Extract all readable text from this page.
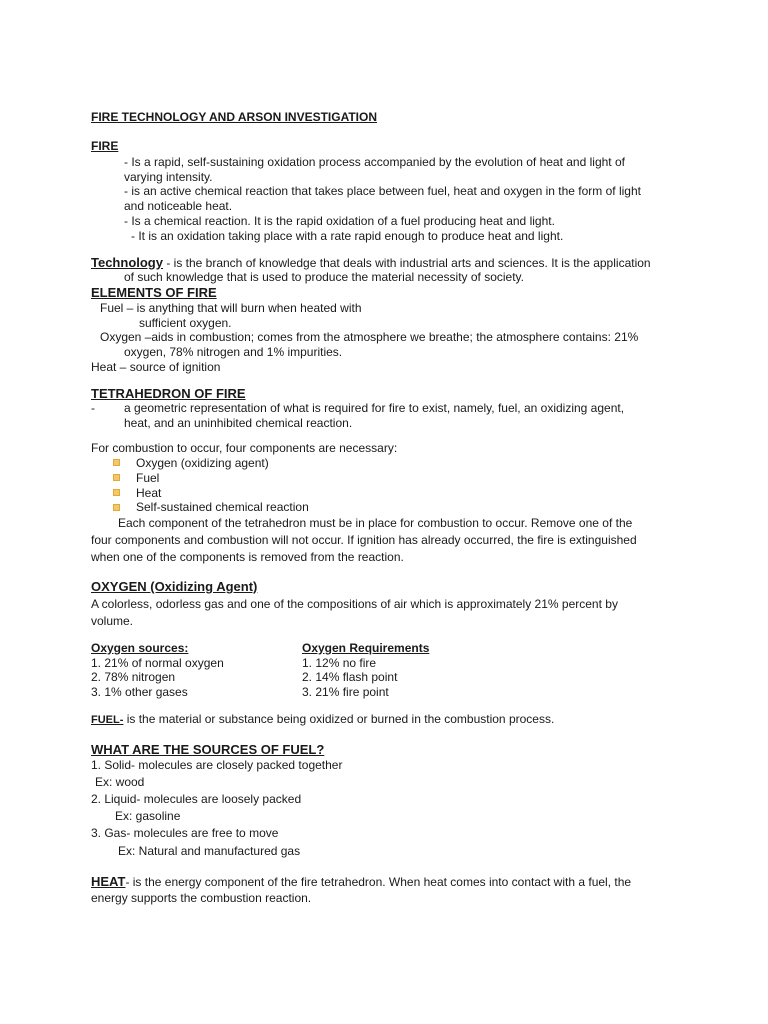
FIRE TECHNOLOGY AND ARSON INVESTIGATION
FIRE
- Is a rapid, self-sustaining oxidation process accompanied by the evolution of heat and light of
varying intensity.
- is an active chemical reaction that takes place between fuel, heat and oxygen in the form of light
and noticeable heat.
- Is a chemical reaction. It is the rapid oxidation of a fuel producing heat and light.
- It is an oxidation taking place with a rate rapid enough to produce heat and light.
Technology - is the branch of knowledge that deals with industrial arts and sciences. It is the application
of such knowledge that is used to produce the material necessity of society.
ELEMENTS OF FIRE
Fuel – is anything that will burn when heated with
sufficient oxygen.
Oxygen –aids in combustion; comes from the atmosphere we breathe; the atmosphere contains: 21%
oxygen, 78% nitrogen and 1% impurities.
Heat – source of ignition
TETRAHEDRON OF FIRE
- a geometric representation of what is required for fire to exist, namely, fuel, an oxidizing agent,
heat, and an uninhibited chemical reaction.
For combustion to occur, four components are necessary:
Oxygen (oxidizing agent)
Fuel
Heat
Self-sustained chemical reaction
Each component of the tetrahedron must be in place for combustion to occur. Remove one of the
four components and combustion will not occur. If ignition has already occurred, the fire is extinguished
when one of the components is removed from the reaction.
OXYGEN (Oxidizing Agent)
A colorless, odorless gas and one of the compositions of air which is approximately 21% percent by
volume.
Oxygen sources:
1. 21% of normal oxygen
2. 78% nitrogen
3. 1% other gases
Oxygen Requirements
1. 12% no fire
2. 14% flash point
3. 21% fire point
FUEL- is the material or substance being oxidized or burned in the combustion process.
WHAT ARE THE SOURCES OF FUEL?
1. Solid- molecules are closely packed together
Ex: wood
2. Liquid- molecules are loosely packed
Ex: gasoline
3. Gas- molecules are free to move
Ex: Natural and manufactured gas
HEAT- is the energy component of the fire tetrahedron. When heat comes into contact with a fuel, the
energy supports the combustion reaction.
